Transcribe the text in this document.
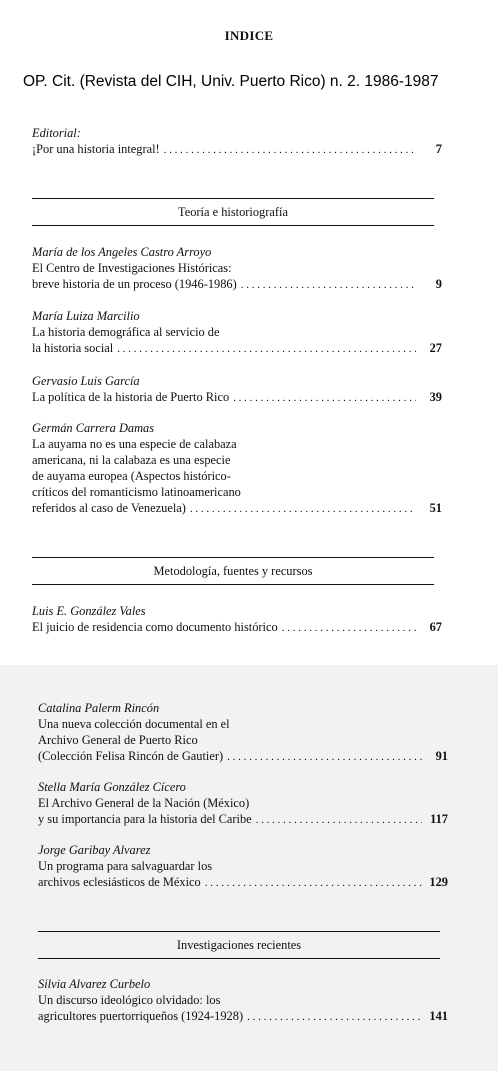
INDICE
OP. Cit. (Revista del CIH, Univ. Puerto Rico) n. 2. 1986-1987
Editorial:
¡Por una historia integral! . . .	7
Teoría e historiografía
María de los Angeles Castro Arroyo
El Centro de Investigaciones Históricas:
breve historia de un proceso (1946-1986) . . .	9
María Luiza Marcilio
La historia demográfica al servicio de
la historia social . . .	27
Gervasio Luis García
La política de la historia de Puerto Rico . . .	39
Germán Carrera Damas
La auyama no es una especie de calabaza
americana, ni la calabaza es una especie
de auyama europea (Aspectos histórico-
críticos del romanticismo latinoamericano
referidos al caso de Venezuela) . . .	51
Metodología, fuentes y recursos
Luis E. González Vales
El juicio de residencia como documento histórico . . .	67
Catalina Palerm Rincón
Una nueva colección documental en el
Archivo General de Puerto Rico
(Colección Felisa Rincón de Gautier) . . .	91
Stella María González Cícero
El Archivo General de la Nación (México)
y su importancia para la historia del Caribe . . .	117
Jorge Garibay Alvarez
Un programa para salvaguardar los
archivos eclesiásticos de México . . .	129
Investigaciones recientes
Silvia Alvarez Curbelo
Un discurso ideológico olvidado: los
agricultores puertorriqueños (1924-1928) . . .	141
